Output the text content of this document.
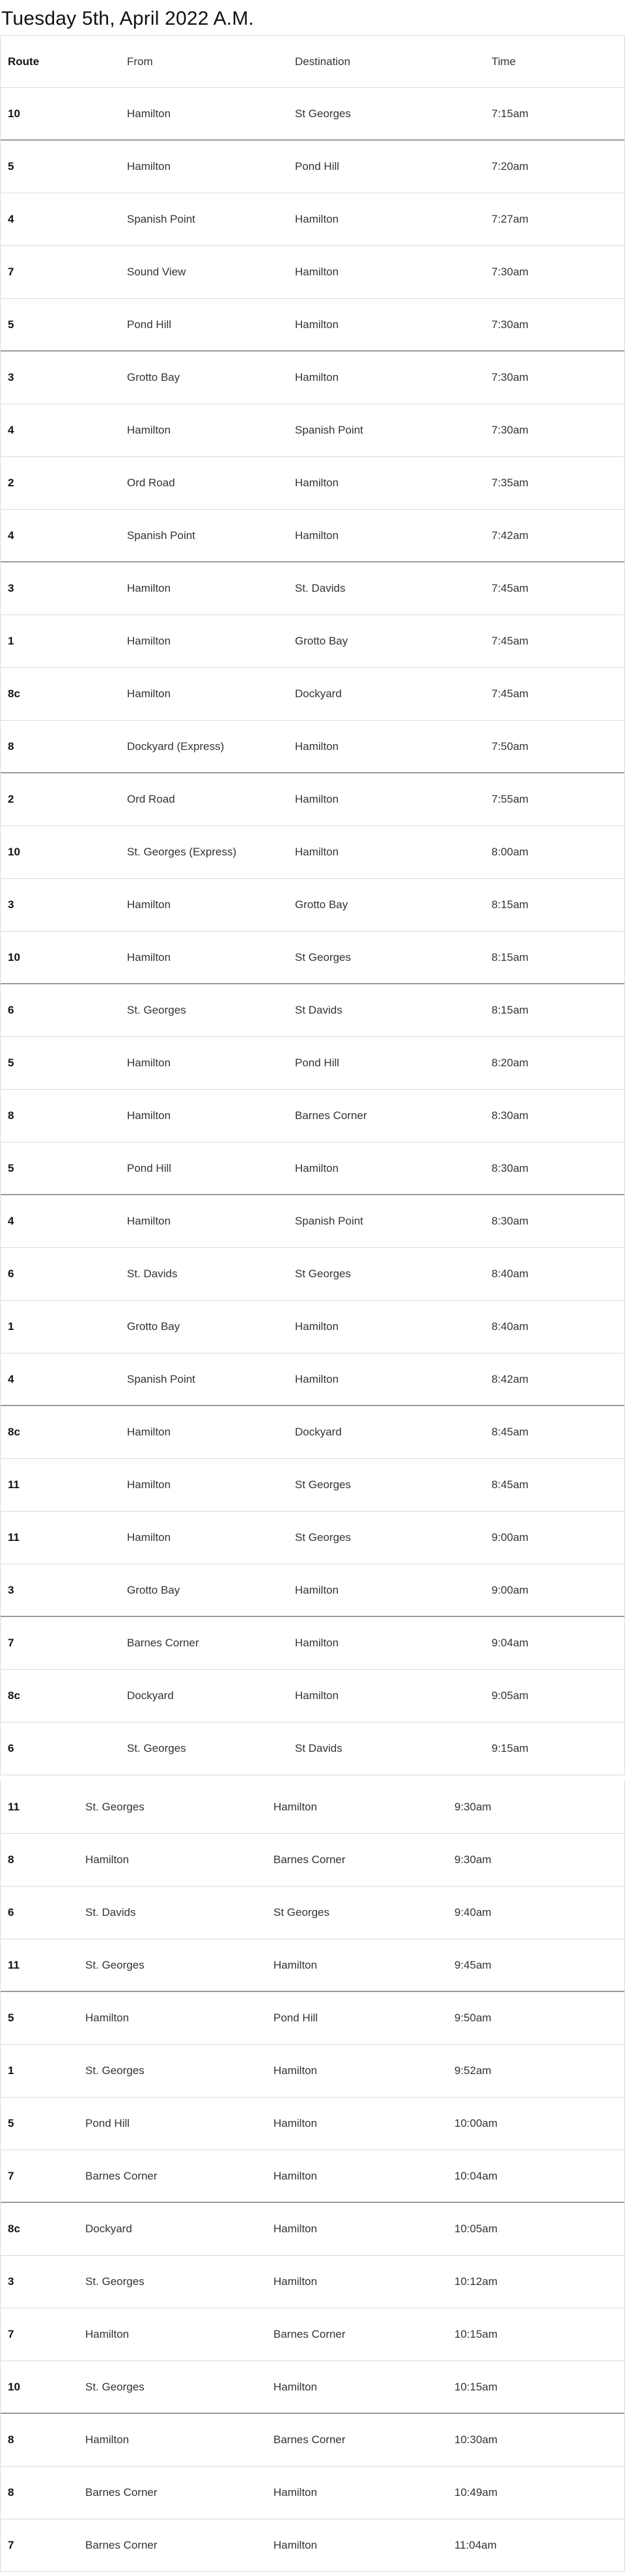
Tuesday 5th, April 2022 A.M.
Route	From	Destination	Time
10	Hamilton	St Georges	7:15am
5	Hamilton	Pond Hill	7:20am
4	Spanish Point	Hamilton	7:27am
7	Sound View	Hamilton	7:30am
5	Pond Hill	Hamilton	7:30am
3	Grotto Bay	Hamilton	7:30am
4	Hamilton	Spanish Point	7:30am
2	Ord Road	Hamilton	7:35am
4	Spanish Point	Hamilton	7:42am
3	Hamilton	St. Davids	7:45am
1	Hamilton	Grotto Bay	7:45am
8c	Hamilton	Dockyard	7:45am
8	Dockyard (Express)	Hamilton	7:50am
2	Ord Road	Hamilton	7:55am
10	St. Georges (Express)	Hamilton	8:00am
3	Hamilton	Grotto Bay	8:15am
10	Hamilton	St Georges	8:15am
6	St. Georges	St Davids	8:15am
5	Hamilton	Pond Hill	8:20am
8	Hamilton	Barnes Corner	8:30am
5	Pond Hill	Hamilton	8:30am
4	Hamilton	Spanish Point	8:30am
6	St. Davids	St Georges	8:40am
1	Grotto Bay	Hamilton	8:40am
4	Spanish Point	Hamilton	8:42am
8c	Hamilton	Dockyard	8:45am
11	Hamilton	St Georges	8:45am
11	Hamilton	St Georges	9:00am
3	Grotto Bay	Hamilton	9:00am
7	Barnes Corner	Hamilton	9:04am
8c	Dockyard	Hamilton	9:05am
6	St. Georges	St Davids	9:15am
11	St. Georges	Hamilton	9:30am
8	Hamilton	Barnes Corner	9:30am
6	St. Davids	St Georges	9:40am
11	St. Georges	Hamilton	9:45am
5	Hamilton	Pond Hill	9:50am
1	St. Georges	Hamilton	9:52am
5	Pond Hill	Hamilton	10:00am
7	Barnes Corner	Hamilton	10:04am
8c	Dockyard	Hamilton	10:05am
3	St. Georges	Hamilton	10:12am
7	Hamilton	Barnes Corner	10:15am
10	St. Georges	Hamilton	10:15am
8	Hamilton	Barnes Corner	10:30am
8	Barnes Corner	Hamilton	10:49am
7	Barnes Corner	Hamilton	11:04am
